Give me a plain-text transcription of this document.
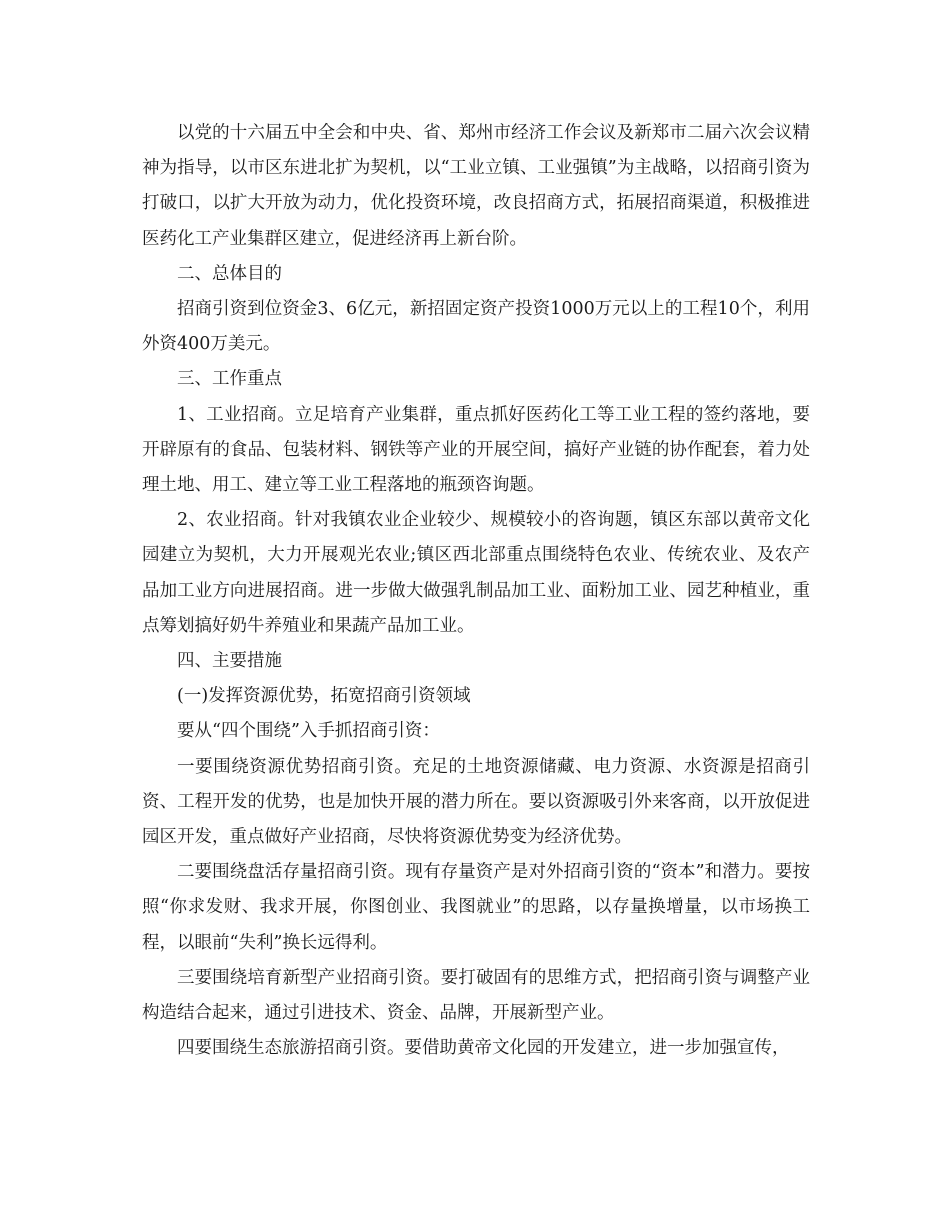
以党的十六届五中全会和中央、省、郑州市经济工作会议及新郑市二届六次会议精神为指导，以市区东进北扩为契机，以“工业立镇、工业强镇”为主战略，以招商引资为打破口，以扩大开放为动力，优化投资环境，改良招商方式，拓展招商渠道，积极推进医药化工产业集群区建立，促进经济再上新台阶。

二、总体目的

招商引资到位资金3、6亿元，新招固定资产投资1000万元以上的工程10个，利用外资400万美元。

三、工作重点

1、工业招商。立足培育产业集群，重点抓好医药化工等工业工程的签约落地，要开辟原有的食品、包装材料、钢铁等产业的开展空间，搞好产业链的协作配套，着力处理土地、用工、建立等工业工程落地的瓶颈咨询题。

2、农业招商。针对我镇农业企业较少、规模较小的咨询题，镇区东部以黄帝文化园建立为契机，大力开展观光农业;镇区西北部重点围绕特色农业、传统农业、及农产品加工业方向进展招商。进一步做大做强乳制品加工业、面粉加工业、园艺种植业，重点筹划搞好奶牛养殖业和果蔬产品加工业。

四、主要措施

(一)发挥资源优势，拓宽招商引资领域

要从“四个围绕”入手抓招商引资：

一要围绕资源优势招商引资。充足的土地资源储藏、电力资源、水资源是招商引资、工程开发的优势，也是加快开展的潜力所在。要以资源吸引外来客商，以开放促进园区开发，重点做好产业招商，尽快将资源优势变为经济优势。

二要围绕盘活存量招商引资。现有存量资产是对外招商引资的“资本”和潜力。要按照“你求发财、我求开展，你图创业、我图就业”的思路，以存量换增量，以市场换工程，以眼前“失利”换长远得利。

三要围绕培育新型产业招商引资。要打破固有的思维方式，把招商引资与调整产业构造结合起来，通过引进技术、资金、品牌，开展新型产业。

四要围绕生态旅游招商引资。要借助黄帝文化园的开发建立，进一步加强宣传，
